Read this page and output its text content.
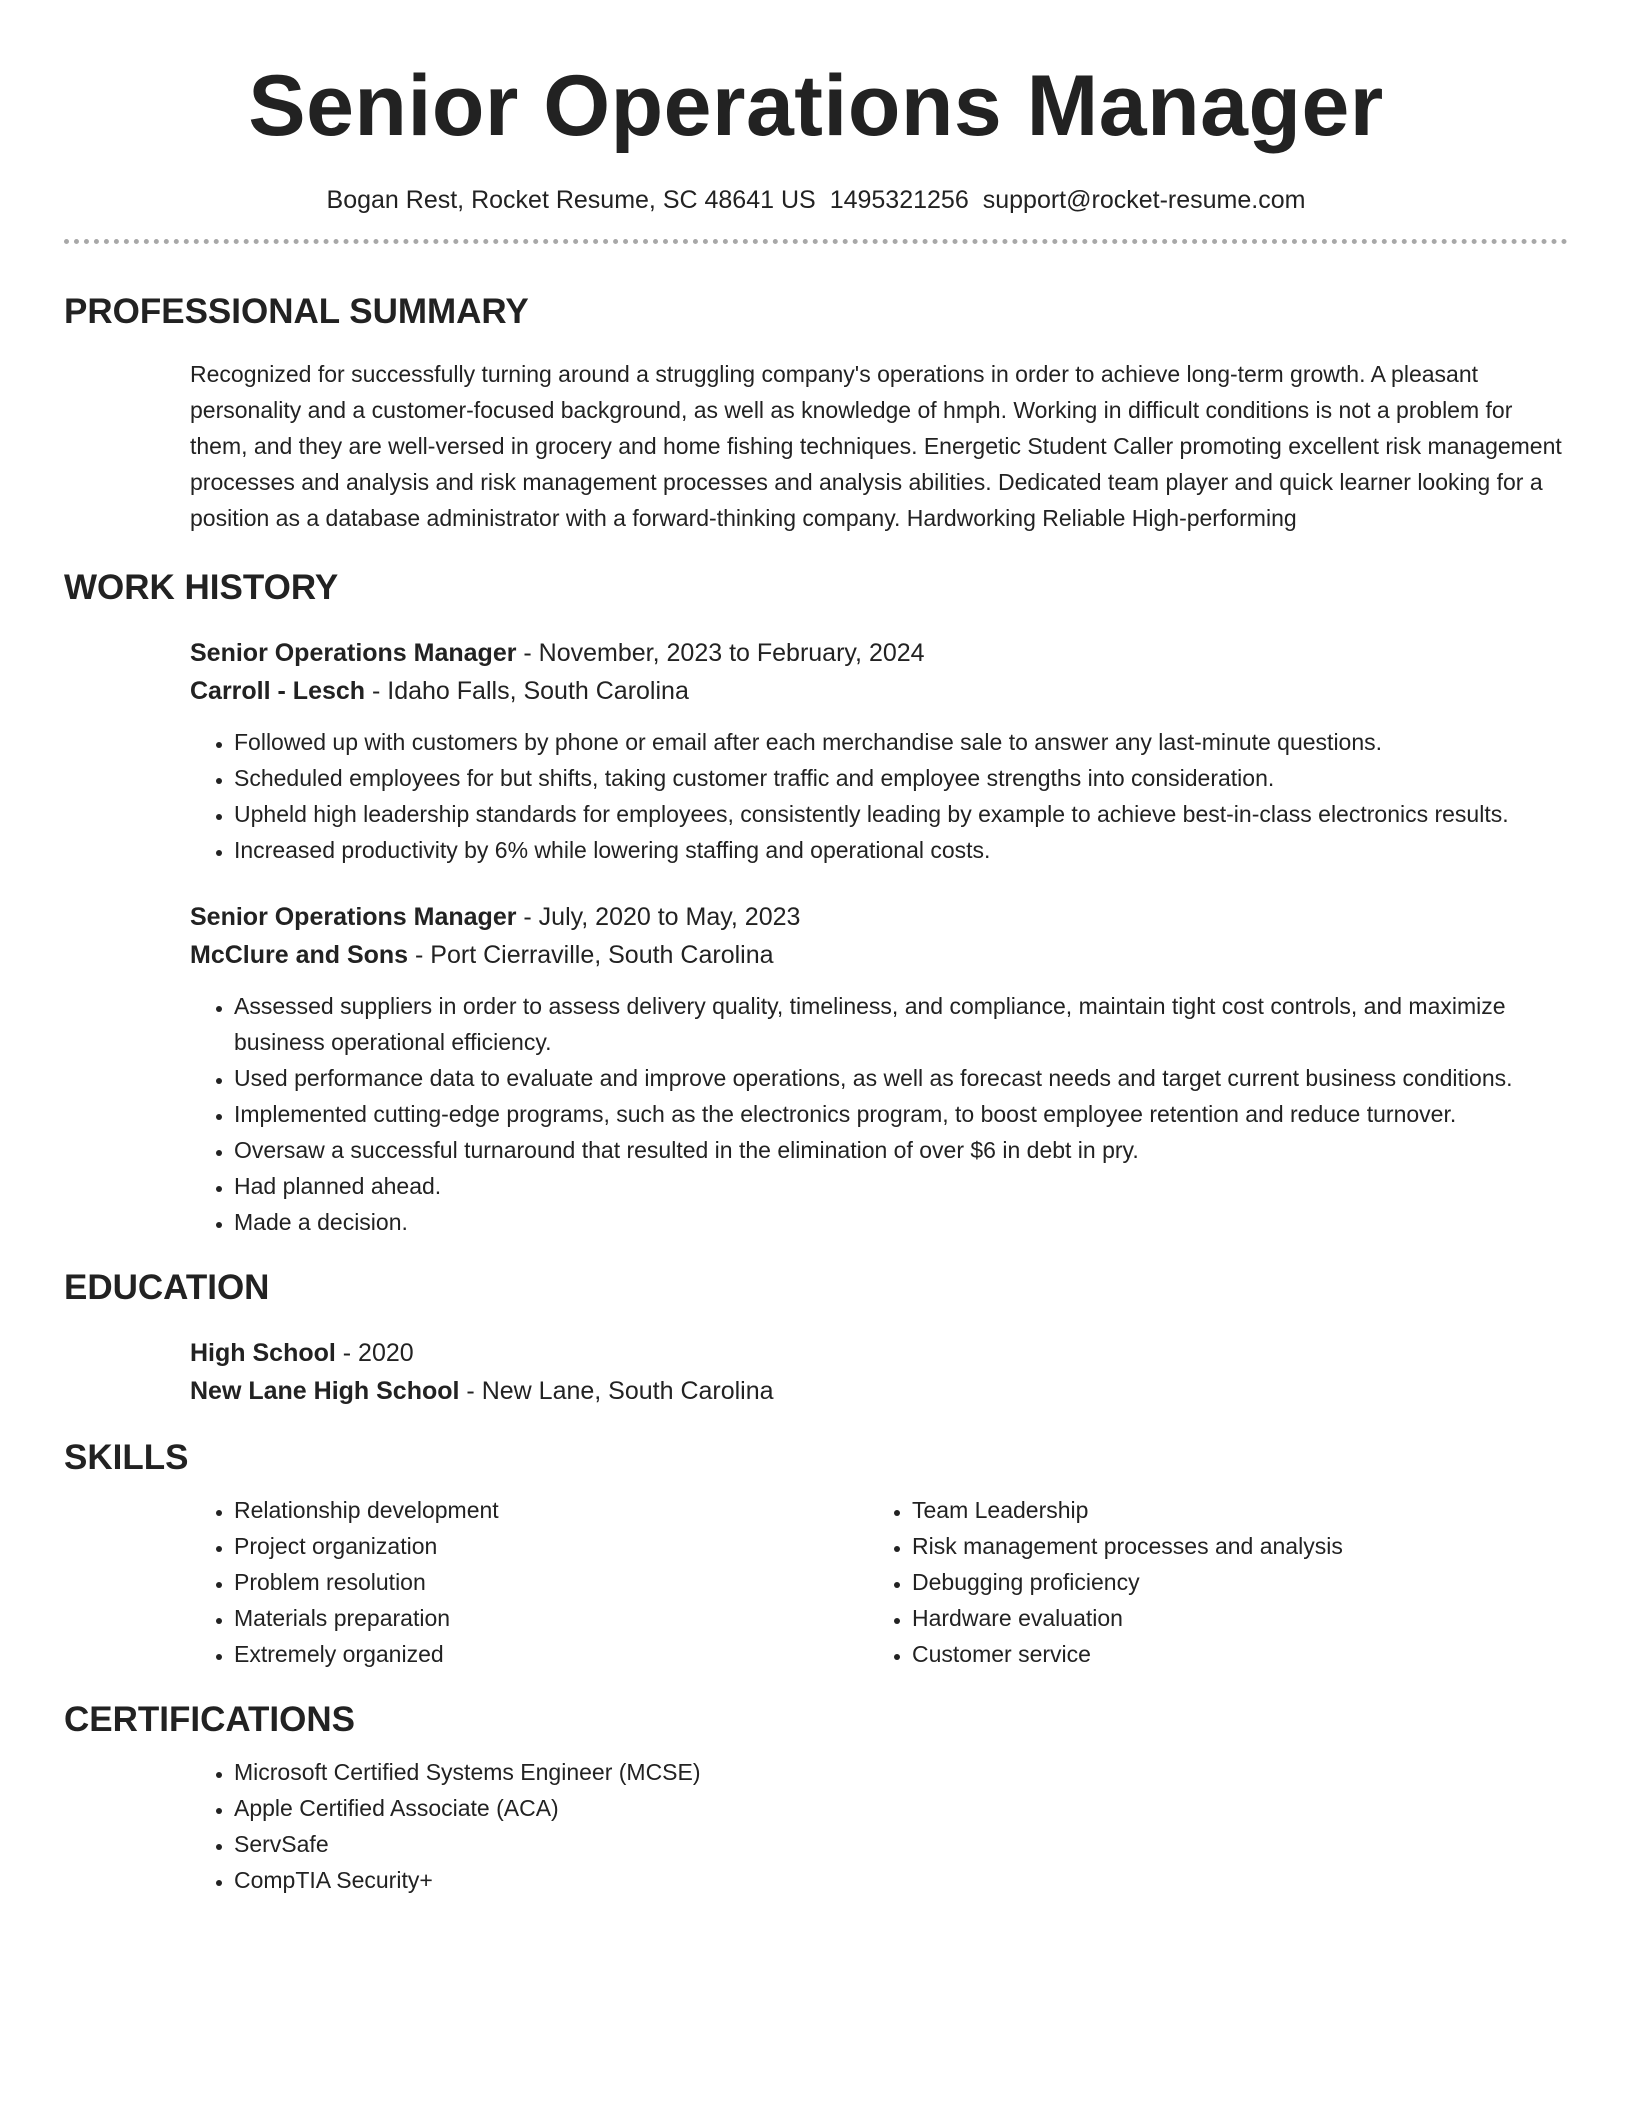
Senior Operations Manager
Bogan Rest, Rocket Resume, SC 48641 US 1495321256 support@rocket-resume.com
PROFESSIONAL SUMMARY

Recognized for successfully turning around a struggling company's operations in order to achieve long-term growth. A pleasant personality and a customer-focused background, as well as knowledge of hmph. Working in difficult conditions is not a problem for them, and they are well-versed in grocery and home fishing techniques. Energetic Student Caller promoting excellent risk management processes and analysis and risk management processes and analysis abilities. Dedicated team player and quick learner looking for a position as a database administrator with a forward-thinking company. Hardworking Reliable High-performing

WORK HISTORY
Senior Operations Manager - November, 2023 to February, 2024
Carroll - Lesch - Idaho Falls, South Carolina
• Followed up with customers by phone or email after each merchandise sale to answer any last-minute questions.
• Scheduled employees for but shifts, taking customer traffic and employee strengths into consideration.
• Upheld high leadership standards for employees, consistently leading by example to achieve best-in-class electronics results.
• Increased productivity by 6% while lowering staffing and operational costs.
Senior Operations Manager - July, 2020 to May, 2023
McClure and Sons - Port Cierraville, South Carolina
• Assessed suppliers in order to assess delivery quality, timeliness, and compliance, maintain tight cost controls, and maximize business operational efficiency.
• Used performance data to evaluate and improve operations, as well as forecast needs and target current business conditions.
• Implemented cutting-edge programs, such as the electronics program, to boost employee retention and reduce turnover.
• Oversaw a successful turnaround that resulted in the elimination of over $6 in debt in pry.
• Had planned ahead.
• Made a decision.
EDUCATION
High School - 2020
New Lane High School - New Lane, South Carolina
SKILLS
• Relationship development
• Project organization
• Problem resolution
• Materials preparation
• Extremely organized
• Team Leadership
• Risk management processes and analysis
• Debugging proficiency
• Hardware evaluation
• Customer service
CERTIFICATIONS
• Microsoft Certified Systems Engineer (MCSE)
• Apple Certified Associate (ACA)
• ServSafe
• CompTIA Security+
